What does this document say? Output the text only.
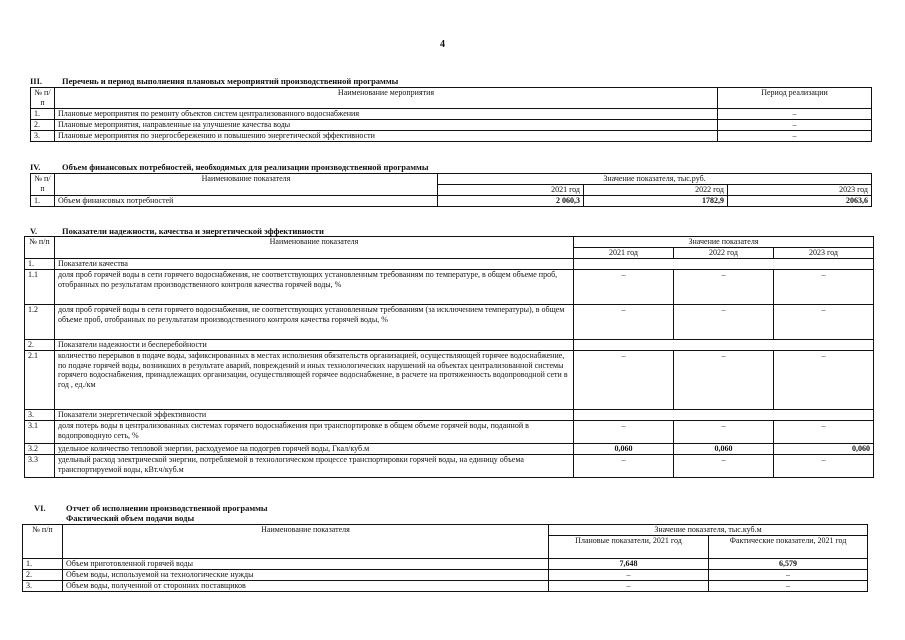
4
III. Перечень и период выполнения плановых мероприятий производственной программы
№ п/п	Наименование мероприятия	Период реализации
1.	Плановые мероприятия по ремонту объектов систем централизованного водоснабжения	–
2.	Плановые мероприятия, направленные на улучшение качества воды	–
3.	Плановые мероприятия по энергосбережению и повышению энергетической эффективности	–
IV.	Объем финансовых потребностей, необходимых для реализации производственной программы
№ п/п	Наименование показателя	Значение показателя, тыс.руб.		
		2021 год	2022 год	2023 год
1.	Объем финансовых потребностей	2 060,3	1782,9	2063,6
V.	Показатели надежности, качества и энергетической эффективности
№ п/п	Наименование показателя	Значение показателя		
		2021 год	2022 год	2023 год
1.	Показатели качества			
1.1	доля проб горячей воды в сети горячего водоснабжения, не соответствующих установленным требованиям по температуре, в общем объеме проб, отобранных по результатам производственного контроля качества горячей воды, %	–	–	–
1.2	доля проб горячей воды в сети горячего водоснабжения, не соответствующих установленным требованиям (за исключением температуры), в общем объеме проб, отобранных по результатам производственного контроля качества горячей воды, %	–	–	–
2.	Показатели надежности и бесперебойности			
2.1	количество перерывов в подаче воды, зафиксированных в местах исполнения обязательств организацией, осуществляющей горячее водоснабжение, по подаче горячей воды, возникших в результате аварий, повреждений и иных технологических нарушений на объектах централизованной системы горячего водоснабжения, принадлежащих организации, осуществляющей горячее водоснабжение, в расчете на протяженность водопроводной сети в год , ед./км	–	–	–
3.	Показатели энергетической эффективности			
3.1	доля потерь воды в централизованных системах горячего водоснабжения при транспортировке в общем объеме горячей воды, поданной в водопроводную сеть, %	–	–	–
3.2	удельное количество тепловой энергии, расходуемое на подогрев горячей воды, Гкал/куб.м	0,060	0,060	0,060
3.3	удельный расход электрической энергии, потребляемой в технологическом процессе транспортировки горячей воды, на единицу объема транспортируемой воды, кВт.ч/куб.м	–	–	–
VI. Отчет об исполнении производственной программы
Фактический объем подачи воды
№ п/п	Наименование показателя	Значение показателя, тыс.куб.м	
		Плановые показатели, 2021 год	Фактические показатели, 2021 год
1.	Объем приготовленной горячей воды	7,648	6,579
2.	Объем воды, используемой на технологические нужды	–	–
3.	Объем воды, полученной от сторонних поставщиков	–	–
